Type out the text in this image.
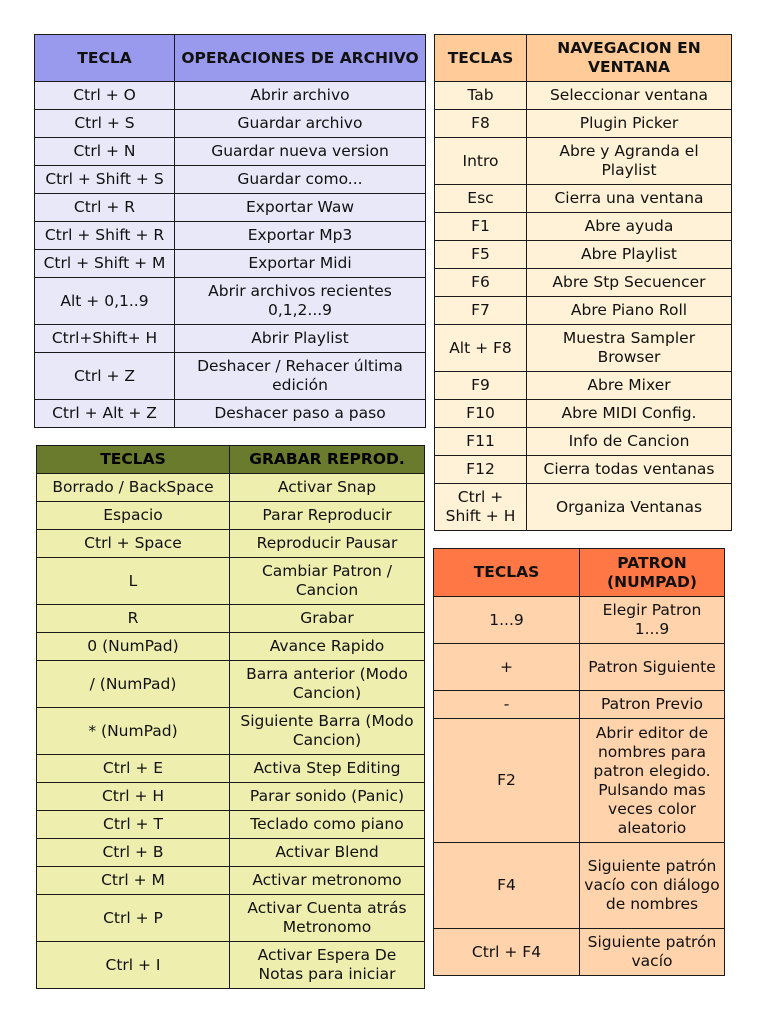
TECLA	OPERACIONES DE ARCHIVO
Ctrl + O	Abrir archivo
Ctrl + S	Guardar archivo
Ctrl + N	Guardar nueva version
Ctrl + Shift + S	Guardar como...
Ctrl + R	Exportar Waw
Ctrl + Shift + R	Exportar Mp3
Ctrl + Shift + M	Exportar Midi
Alt + 0,1..9	Abrir archivos recientes 0,1,2...9
Ctrl+Shift+ H	Abrir Playlist
Ctrl + Z	Deshacer / Rehacer última edición
Ctrl + Alt + Z	Deshacer paso a paso
TECLAS	NAVEGACION EN VENTANA
Tab	Seleccionar ventana
F8	Plugin Picker
Intro	Abre y Agranda el Playlist
Esc	Cierra una ventana
F1	Abre ayuda
F5	Abre Playlist
F6	Abre Stp Secuencer
F7	Abre Piano Roll
Alt + F8	Muestra Sampler Browser
F9	Abre Mixer
F10	Abre MIDI Config.
F11	Info de Cancion
F12	Cierra todas ventanas
Ctrl + Shift + H	Organiza Ventanas
TECLAS	GRABAR REPROD.
Borrado / BackSpace	Activar Snap
Espacio	Parar Reproducir
Ctrl + Space	Reproducir Pausar
L	Cambiar Patron / Cancion
R	Grabar
0 (NumPad)	Avance Rapido
/ (NumPad)	Barra anterior (Modo Cancion)
* (NumPad)	Siguiente Barra (Modo Cancion)
Ctrl + E	Activa Step Editing
Ctrl + H	Parar sonido (Panic)
Ctrl + T	Teclado como piano
Ctrl + B	Activar Blend
Ctrl + M	Activar metronomo
Ctrl + P	Activar Cuenta atrás Metronomo
Ctrl + I	Activar Espera De Notas para iniciar
TECLAS	PATRON (NUMPAD)
1...9	Elegir Patron 1...9
+	Patron Siguiente
-	Patron Previo
F2	Abrir editor de nombres para patron elegido. Pulsando mas veces color aleatorio
F4	Siguiente patrón vacío con diálogo de nombres
Ctrl + F4	Siguiente patrón vacío
